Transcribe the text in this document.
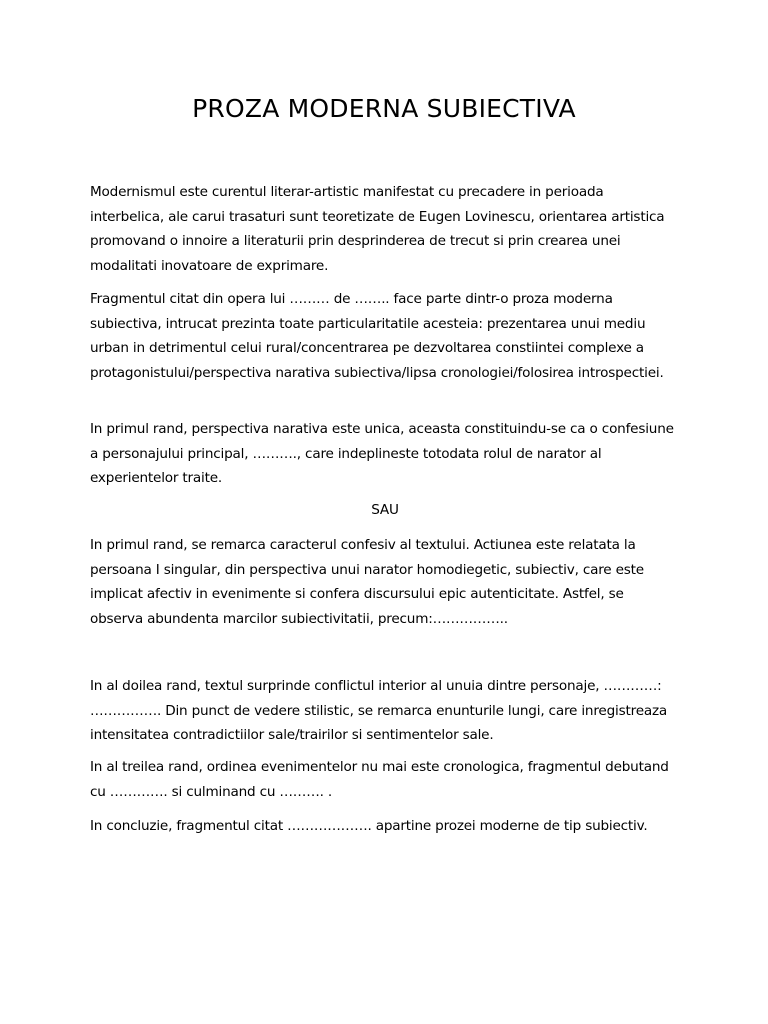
PROZA MODERNA SUBIECTIVA

Modernismul este curentul literar-artistic manifestat cu precadere in perioada interbelica, ale carui trasaturi sunt teoretizate de Eugen Lovinescu, orientarea artistica promovand o innoire a literaturii prin desprinderea de trecut si prin crearea unei modalitati inovatoare de exprimare.

Fragmentul citat din opera lui ……… de …….. face parte dintr-o proza moderna subiectiva, intrucat prezinta toate particularitatile acesteia: prezentarea unui mediu urban in detrimentul celui rural/concentrarea pe dezvoltarea constiintei complexe a protagonistului/perspectiva narativa subiectiva/lipsa cronologiei/folosirea introspectiei.

In primul rand, perspectiva narativa este unica, aceasta constituindu-se ca o confesiune a personajului principal, ………., care indeplineste totodata rolul de narator al experientelor traite.

SAU

In primul rand, se remarca caracterul confesiv al textului. Actiunea este relatata la persoana I singular, din perspectiva unui narator homodiegetic, subiectiv, care este implicat afectiv in evenimente si confera discursului epic autenticitate. Astfel, se observa abundenta marcilor subiectivitatii, precum:……………..

In al doilea rand, textul surprinde conflictul interior al unuia dintre personaje, …………: ……………. Din punct de vedere stilistic, se remarca enunturile lungi, care inregistreaza intensitatea contradictiilor sale/trairilor si sentimentelor sale.

In al treilea rand, ordinea evenimentelor nu mai este cronologica, fragmentul debutand cu …………. si culminand cu ………. .

In concluzie, fragmentul citat ………………. apartine prozei moderne de tip subiectiv.
